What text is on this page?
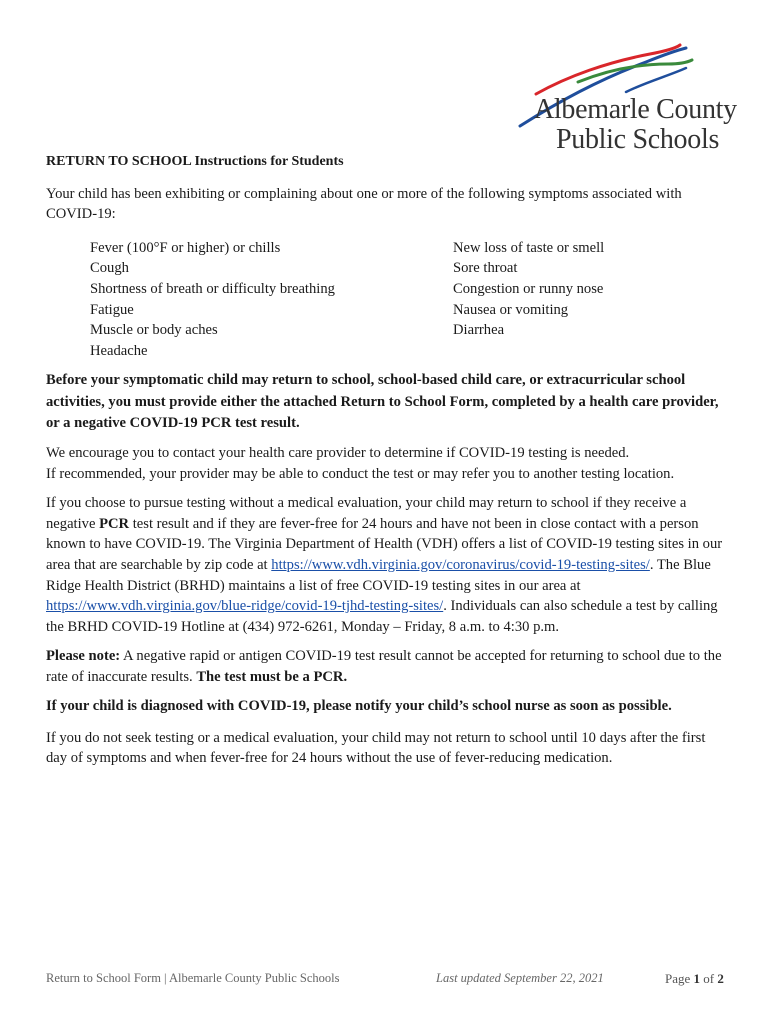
Albemarle County
Public Schools
RETURN TO SCHOOL Instructions for Students

Your child has been exhibiting or complaining about one or more of the following symptoms associated with COVID-19:

Fever (100°F or higher) or chills
Cough
Shortness of breath or difficulty breathing
Fatigue
Muscle or body aches
Headache
New loss of taste or smell
Sore throat
Congestion or runny nose
Nausea or vomiting
Diarrhea

Before your symptomatic child may return to school, school-based child care, or extracurricular school activities, you must provide either the attached Return to School Form, completed by a health care provider, or a negative COVID-19 PCR test result.

We encourage you to contact your health care provider to determine if COVID-19 testing is needed.
If recommended, your provider may be able to conduct the test or may refer you to another testing location.

If you choose to pursue testing without a medical evaluation, your child may return to school if they receive a negative PCR test result and if they are fever-free for 24 hours and have not been in close contact with a person known to have COVID-19. The Virginia Department of Health (VDH) offers a list of COVID-19 testing sites in our area that are searchable by zip code at https://www.vdh.virginia.gov/coronavirus/covid-19-testing-sites/. The Blue Ridge Health District (BRHD) maintains a list of free COVID-19 testing sites in our area at https://www.vdh.virginia.gov/blue-ridge/covid-19-tjhd-testing-sites/. Individuals can also schedule a test by calling the BRHD COVID-19 Hotline at (434) 972-6261, Monday – Friday, 8 a.m. to 4:30 p.m.

Please note: A negative rapid or antigen COVID-19 test result cannot be accepted for returning to school due to the rate of inaccurate results. The test must be a PCR.

If your child is diagnosed with COVID-19, please notify your child’s school nurse as soon as possible.

If you do not seek testing or a medical evaluation, your child may not return to school until 10 days after the first day of symptoms and when fever-free for 24 hours without the use of fever-reducing medication.

Return to School Form | Albemarle County Public Schools	Last updated September 22, 2021	Page 1 of 2
